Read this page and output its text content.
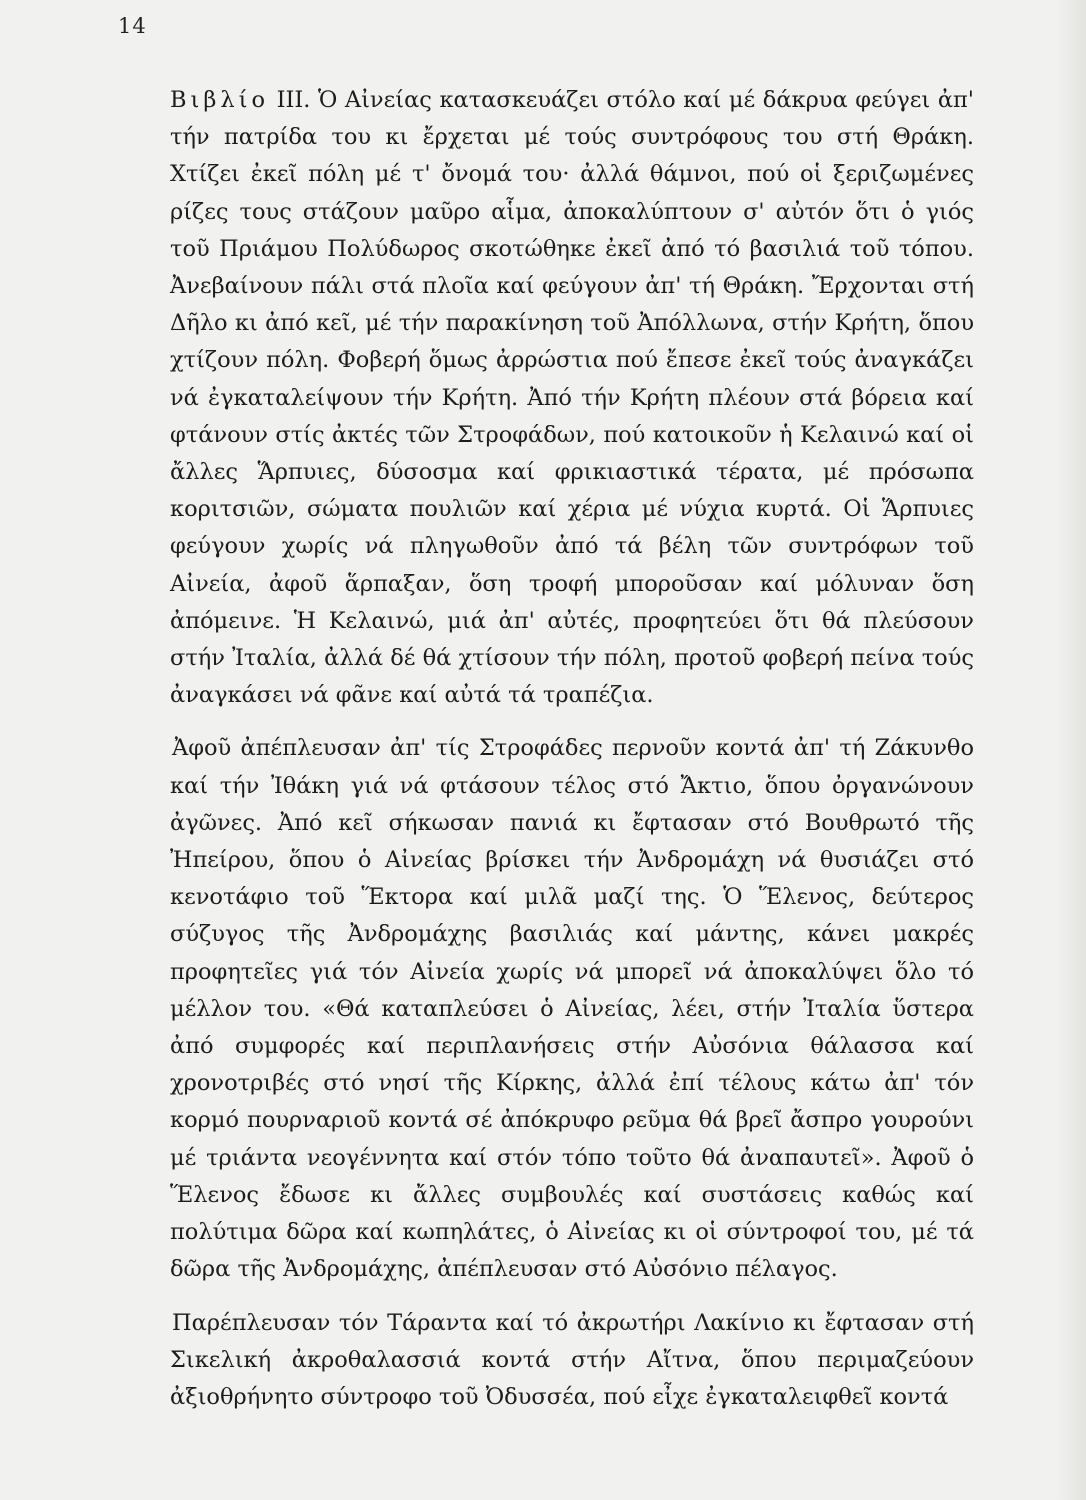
14

Βιβλίο ΙΙΙ. Ὁ Αἰνείας κατασκευάζει στόλο καί μέ δάκρυα φεύγει ἀπ' τήν πατρίδα του κι ἔρχεται μέ τούς συντρόφους του στή Θράκη. Χτίζει ἐκεῖ πόλη μέ τ' ὄνομά του· ἀλλά θάμνοι, πού οἱ ξεριζωμένες ρίζες τους στάζουν μαῦρο αἷμα, ἀποκαλύπτουν σ' αὐτόν ὅτι ὁ γιός τοῦ Πριάμου Πολύδωρος σκοτώθηκε ἐκεῖ ἀπό τό βασιλιά τοῦ τόπου. Ἀνεβαίνουν πάλι στά πλοῖα καί φεύγουν ἀπ' τή Θράκη. Ἔρχονται στή Δῆλο κι ἀπό κεῖ, μέ τήν παρακίνηση τοῦ Ἀπόλλωνα, στήν Κρήτη, ὅπου χτίζουν πόλη. Φοβερή ὅμως ἀρρώστια πού ἔπεσε ἐκεῖ τούς ἀναγκάζει νά ἐγκαταλείψουν τήν Κρήτη. Ἀπό τήν Κρήτη πλέουν στά βόρεια καί φτάνουν στίς ἀκτές τῶν Στροφάδων, πού κατοικοῦν ἡ Κελαινώ καί οἱ ἄλλες Ἅρπυιες, δύσοσμα καί φρικιαστικά τέρατα, μέ πρόσωπα κοριτσιῶν, σώματα πουλιῶν καί χέρια μέ νύχια κυρτά. Οἱ Ἅρπυιες φεύγουν χωρίς νά πληγωθοῦν ἀπό τά βέλη τῶν συντρόφων τοῦ Αἰνεία, ἀφοῦ ἅρπαξαν, ὅση τροφή μποροῦσαν καί μόλυναν ὅση ἀπόμεινε. Ἡ Κελαινώ, μιά ἀπ' αὐτές, προφητεύει ὅτι θά πλεύσουν στήν Ἰταλία, ἀλλά δέ θά χτίσουν τήν πόλη, προτοῦ φοβερή πείνα τούς ἀναγκάσει νά φᾶνε καί αὐτά τά τραπέζια.

Ἀφοῦ ἀπέπλευσαν ἀπ' τίς Στροφάδες περνοῦν κοντά ἀπ' τή Ζάκυνθο καί τήν Ἰθάκη γιά νά φτάσουν τέλος στό Ἄκτιο, ὅπου ὀργανώνουν ἀγῶνες. Ἀπό κεῖ σήκωσαν πανιά κι ἔφτασαν στό Βουθρωτό τῆς Ἠπείρου, ὅπου ὁ Αἰνείας βρίσκει τήν Ἀνδρομάχη νά θυσιάζει στό κενοτάφιο τοῦ Ἕκτορα καί μιλᾶ μαζί της. Ὁ Ἕλενος, δεύτερος σύζυγος τῆς Ἀνδρομάχης βασιλιάς καί μάντης, κάνει μακρές προφητεῖες γιά τόν Αἰνεία χωρίς νά μπορεῖ νά ἀποκαλύψει ὅλο τό μέλλον του. «Θά καταπλεύσει ὁ Αἰνείας, λέει, στήν Ἰταλία ὕστερα ἀπό συμφορές καί περιπλανήσεις στήν Αὐσόνια θάλασσα καί χρονοτριβές στό νησί τῆς Κίρκης, ἀλλά ἐπί τέλους κάτω ἀπ' τόν κορμό πουρναριοῦ κοντά σέ ἀπόκρυφο ρεῦμα θά βρεῖ ἄσπρο γουρούνι μέ τριάντα νεογέννητα καί στόν τόπο τοῦτο θά ἀναπαυτεῖ». Ἀφοῦ ὁ Ἕλενος ἔδωσε κι ἄλλες συμβουλές καί συστάσεις καθώς καί πολύτιμα δῶρα καί κωπηλάτες, ὁ Αἰνείας κι οἱ σύντροφοί του, μέ τά δῶρα τῆς Ἀνδρομάχης, ἀπέπλευσαν στό Αὐσόνιο πέλαγος.

Παρέπλευσαν τόν Τάραντα καί τό ἀκρωτήρι Λακίνιο κι ἔφτασαν στή Σικελική ἀκροθαλασσιά κοντά στήν Αἴτνα, ὅπου περιμαζεύουν ἀξιοθρήνητο σύντροφο τοῦ Ὀδυσσέα, πού εἶχε ἐγκαταλειφθεῖ κοντά
